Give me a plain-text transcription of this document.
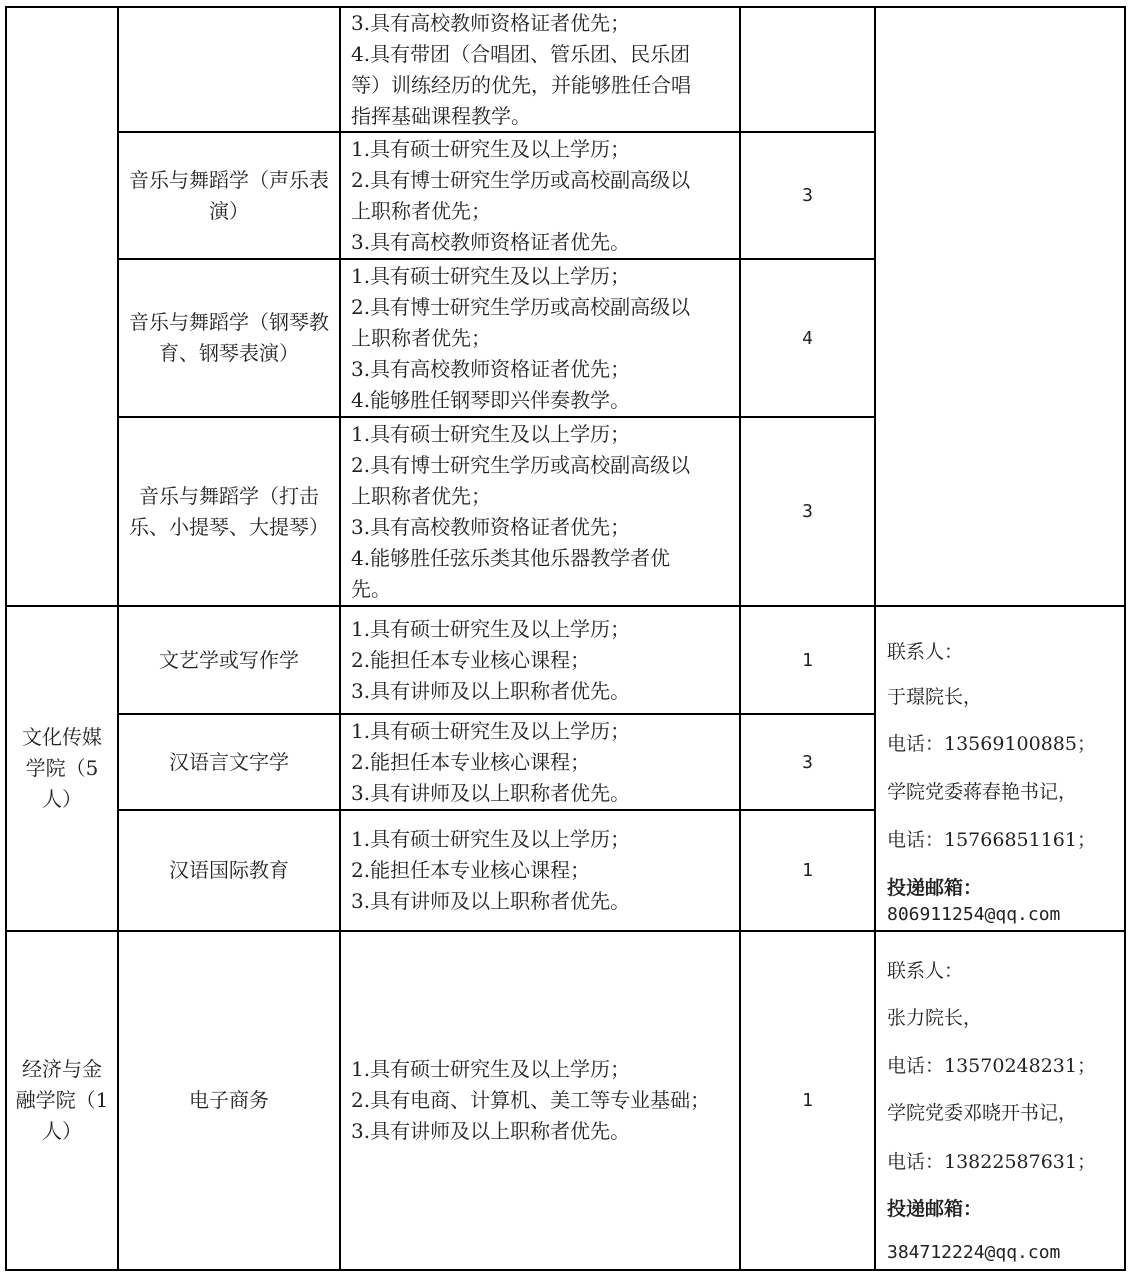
3.具有高校教师资格证者优先；
4.具有带团（合唱团、管乐团、民乐团
等）训练经历的优先，并能够胜任合唱
指挥基础课程教学。
音乐与舞蹈学（声乐表演）
1.具有硕士研究生及以上学历；
2.具有博士研究生学历或高校副高级以
上职称者优先；
3.具有高校教师资格证者优先。
3
音乐与舞蹈学（钢琴教育、钢琴表演）
1.具有硕士研究生及以上学历；
2.具有博士研究生学历或高校副高级以
上职称者优先；
3.具有高校教师资格证者优先；
4.能够胜任钢琴即兴伴奏教学。
4
音乐与舞蹈学（打击乐、小提琴、大提琴）
1.具有硕士研究生及以上学历；
2.具有博士研究生学历或高校副高级以
上职称者优先；
3.具有高校教师资格证者优先；
4.能够胜任弦乐类其他乐器教学者优
先。
3
文化传媒学院（5人）
文艺学或写作学
1.具有硕士研究生及以上学历；
2.能担任本专业核心课程；
3.具有讲师及以上职称者优先。
1
汉语言文字学
1.具有硕士研究生及以上学历；
2.能担任本专业核心课程；
3.具有讲师及以上职称者优先。
3
汉语国际教育
1.具有硕士研究生及以上学历；
2.能担任本专业核心课程；
3.具有讲师及以上职称者优先。
1
联系人：
于璟院长，
电话：13569100885；
学院党委蒋春艳书记，
电话：15766851161；
投递邮箱：
806911254@qq.com
经济与金融学院（1人）
电子商务
1.具有硕士研究生及以上学历；
2.具有电商、计算机、美工等专业基础；
3.具有讲师及以上职称者优先。
1
联系人：
张力院长，
电话：13570248231；
学院党委邓晓开书记，
电话：13822587631；
投递邮箱：
384712224@qq.com
